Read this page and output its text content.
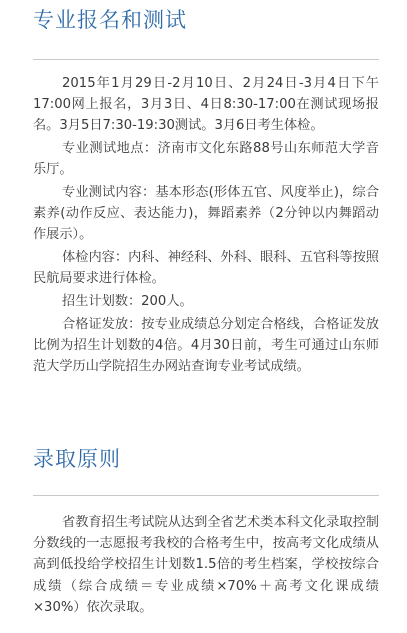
专业报名和测试

2015年1月29日-2月10日、2月24日-3月4日下午17:00网上报名，3月3日、4日8:30-17:00在测试现场报名。3月5日7:30-19:30测试。3月6日考生体检。

专业测试地点：济南市文化东路88号山东师范大学音乐厅。

专业测试内容：基本形态(形体五官、风度举止)，综合素养(动作反应、表达能力)，舞蹈素养（2分钟以内舞蹈动作展示）。

体检内容：内科、神经科、外科、眼科、五官科等按照民航局要求进行体检。

招生计划数：200人。

合格证发放：按专业成绩总分划定合格线，合格证发放比例为招生计划数的4倍。4月30日前，考生可通过山东师范大学历山学院招生办网站查询专业考试成绩。

录取原则

省教育招生考试院从达到全省艺术类本科文化录取控制分数线的一志愿报考我校的合格考生中，按高考文化成绩从高到低投给学校招生计划数1.5倍的考生档案，学校按综合成绩（综合成绩＝专业成绩×70%＋高考文化课成绩×30%）依次录取。
